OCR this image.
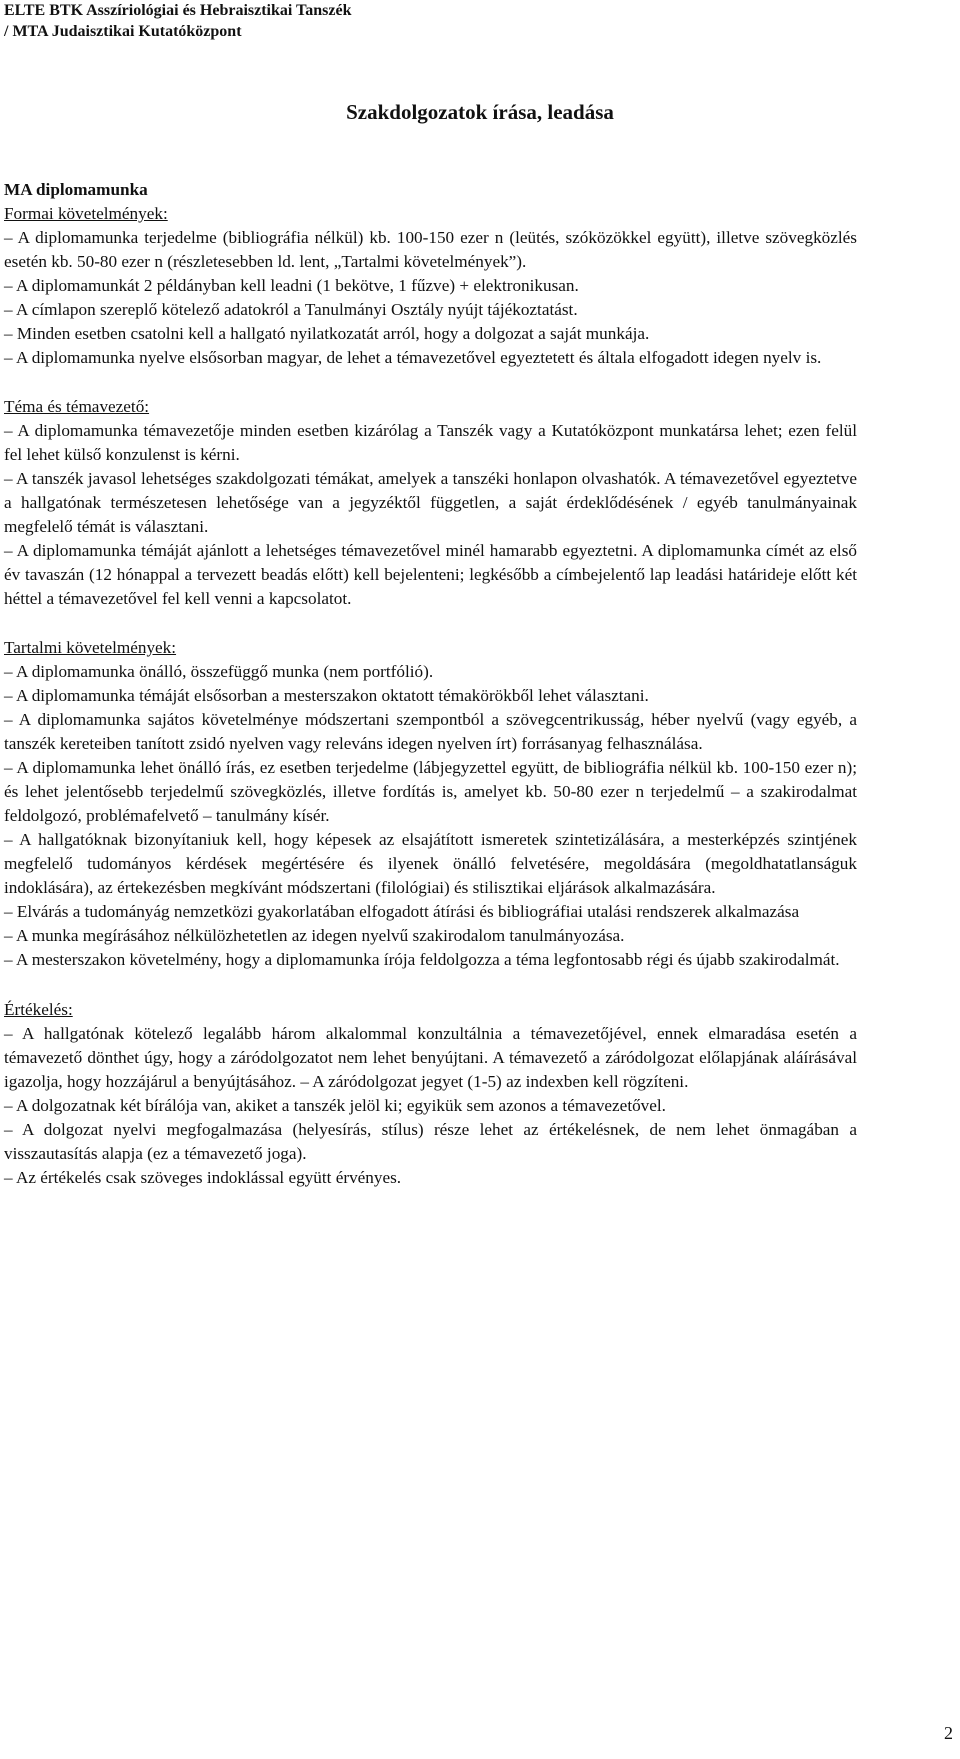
ELTE BTK Asszíriológiai és Hebraisztikai Tanszék
/ MTA Judaisztikai Kutatóközpont
Szakdolgozatok írása, leadása

MA diplomamunka

Formai követelmények:

– A diplomamunka terjedelme (bibliográfia nélkül) kb. 100-150 ezer n (leütés, szóközökkel együtt), illetve szövegközlés esetén kb. 50-80 ezer n (részletesebben ld. lent, „Tartalmi követelmények”).

– A diplomamunkát 2 példányban kell leadni (1 bekötve, 1 fűzve) + elektronikusan.

– A címlapon szereplő kötelező adatokról a Tanulmányi Osztály nyújt tájékoztatást.

– Minden esetben csatolni kell a hallgató nyilatkozatát arról, hogy a dolgozat a saját munkája.

– A diplomamunka nyelve elsősorban magyar, de lehet a témavezetővel egyeztetett és általa elfogadott idegen nyelv is.

Téma és témavezető:

– A diplomamunka témavezetője minden esetben kizárólag a Tanszék vagy a Kutatóközpont munkatársa lehet; ezen felül fel lehet külső konzulenst is kérni.

– A tanszék javasol lehetséges szakdolgozati témákat, amelyek a tanszéki honlapon olvashatók. A témavezetővel egyeztetve a hallgatónak természetesen lehetősége van a jegyzéktől független, a saját érdeklődésének / egyéb tanulmányainak megfelelő témát is választani.

– A diplomamunka témáját ajánlott a lehetséges témavezetővel minél hamarabb egyeztetni. A diplomamunka címét az első év tavaszán (12 hónappal a tervezett beadás előtt) kell bejelenteni; legkésőbb a címbejelentő lap leadási határideje előtt két héttel a témavezetővel fel kell venni a kapcsolatot.

Tartalmi követelmények:

– A diplomamunka önálló, összefüggő munka (nem portfólió).

– A diplomamunka témáját elsősorban a mesterszakon oktatott témakörökből lehet választani.

– A diplomamunka sajátos követelménye módszertani szempontból a szövegcentrikusság, héber nyelvű (vagy egyéb, a tanszék kereteiben tanított zsidó nyelven vagy releváns idegen nyelven írt) forrásanyag felhasználása.

– A diplomamunka lehet önálló írás, ez esetben terjedelme (lábjegyzettel együtt, de bibliográfia nélkül kb. 100-150 ezer n); és lehet jelentősebb terjedelmű szövegközlés, illetve fordítás is, amelyet kb. 50-80 ezer n terjedelmű – a szakirodalmat feldolgozó, problémafelvető – tanulmány kísér.

– A hallgatóknak bizonyítaniuk kell, hogy képesek az elsajátított ismeretek szintetizálására, a mesterképzés szintjének megfelelő tudományos kérdések megértésére és ilyenek önálló felvetésére, megoldására (megoldhatatlanságuk indoklására), az értekezésben megkívánt módszertani (filológiai) és stilisztikai eljárások alkalmazására.

– Elvárás a tudományág nemzetközi gyakorlatában elfogadott átírási és bibliográfiai utalási rendszerek alkalmazása

– A munka megírásához nélkülözhetetlen az idegen nyelvű szakirodalom tanulmányozása.

– A mesterszakon követelmény, hogy a diplomamunka írója feldolgozza a téma legfontosabb régi és újabb szakirodalmát.

Értékelés:

– A hallgatónak kötelező legalább három alkalommal konzultálnia a témavezetőjével, ennek elmaradása esetén a témavezető dönthet úgy, hogy a záródolgozatot nem lehet benyújtani. A témavezető a záródolgozat előlapjának aláírásával igazolja, hogy hozzájárul a benyújtásához. – A záródolgozat jegyet (1-5) az indexben kell rögzíteni.

– A dolgozatnak két bírálója van, akiket a tanszék jelöl ki; egyikük sem azonos a témavezetővel.

– A dolgozat nyelvi megfogalmazása (helyesírás, stílus) része lehet az értékelésnek, de nem lehet önmagában a visszautasítás alapja (ez a témavezető joga).

– Az értékelés csak szöveges indoklással együtt érvényes.

2
